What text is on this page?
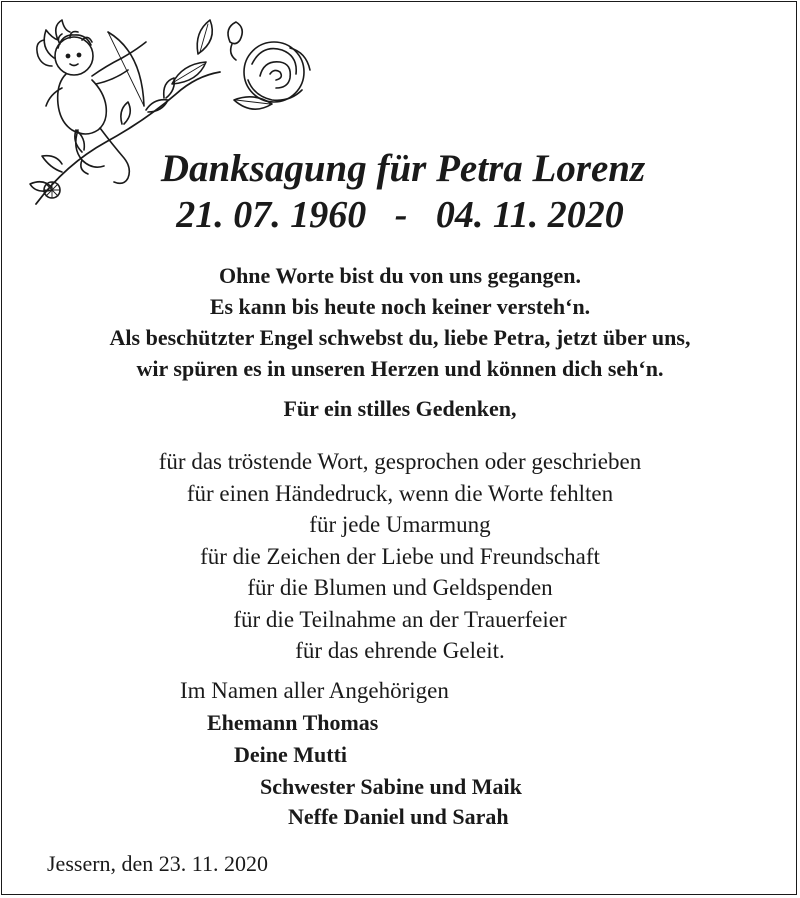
Danksagung für Petra Lorenz
21. 07. 1960   -   04. 11. 2020
Ohne Worte bist du von uns gegangen.
Es kann bis heute noch keiner versteh‘n.
Als beschützter Engel schwebst du, liebe Petra, jetzt über uns,
wir spüren es in unseren Herzen und können dich seh‘n.
Für ein stilles Gedenken,
für das tröstende Wort, gesprochen oder geschrieben
für einen Händedruck, wenn die Worte fehlten
für jede Umarmung
für die Zeichen der Liebe und Freundschaft
für die Blumen und Geldspenden
für die Teilnahme an der Trauerfeier
für das ehrende Geleit.
Im Namen aller Angehörigen
Ehemann Thomas
Deine Mutti
Schwester Sabine und Maik
Neffe Daniel und Sarah
Jessern, den 23. 11. 2020
